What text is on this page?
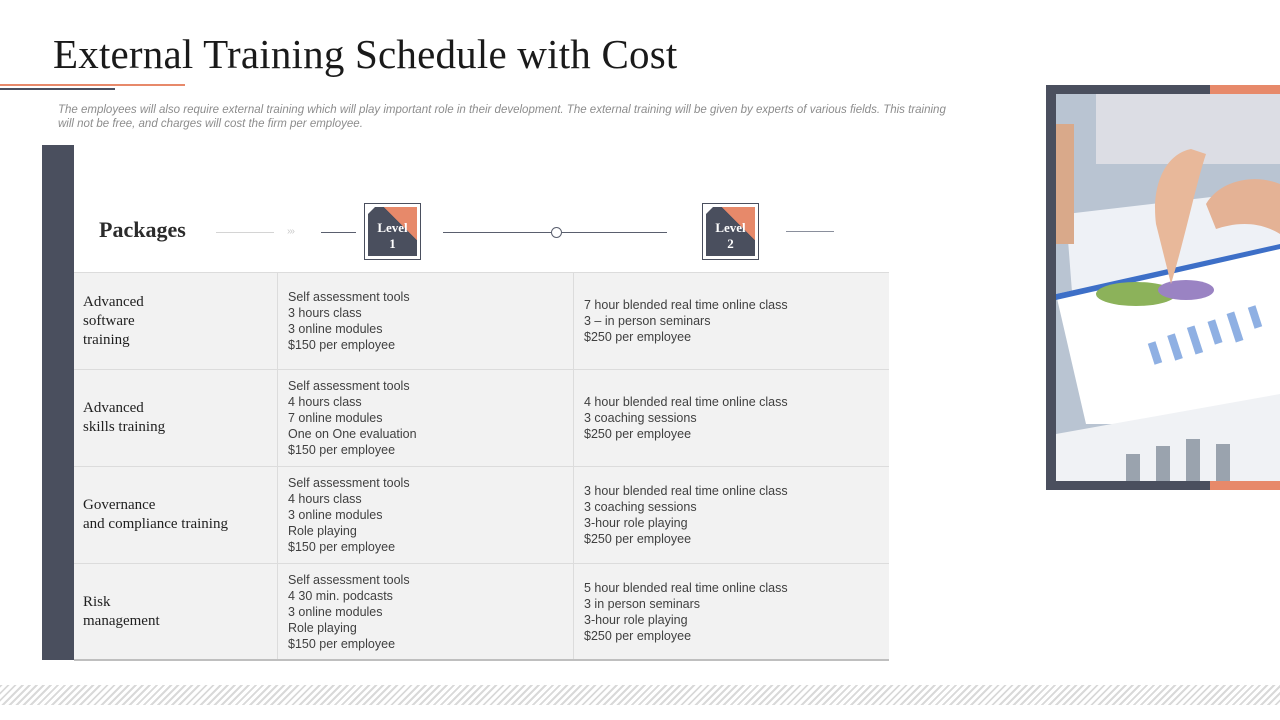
External Training Schedule with Cost

The employees will also require external training which will play important role in their development. The external training will be given by experts of various fields. This training will not be free, and charges will cost the firm per employee.

Packages	›››	Level
1
Level
2
Advanced
software
training
Self assessment tools
3 hours class
3 online modules
$150 per employee
7 hour blended real time online class
3 – in person seminars
$250 per employee
Advanced
skills training
Self assessment tools
4 hours class
7 online modules
One on One evaluation
$150 per employee
4 hour blended real time online class
3 coaching sessions
$250 per employee
Governance
and compliance training
Self assessment tools
4 hours class
3 online modules
Role playing
$150 per employee
3 hour blended real time online class
3 coaching sessions
3-hour role playing
$250 per employee
Risk
management
Self assessment tools
4 30 min. podcasts
3 online modules
Role playing
$150 per employee
5 hour blended real time online class
3 in person seminars
3-hour role playing
$250 per employee
